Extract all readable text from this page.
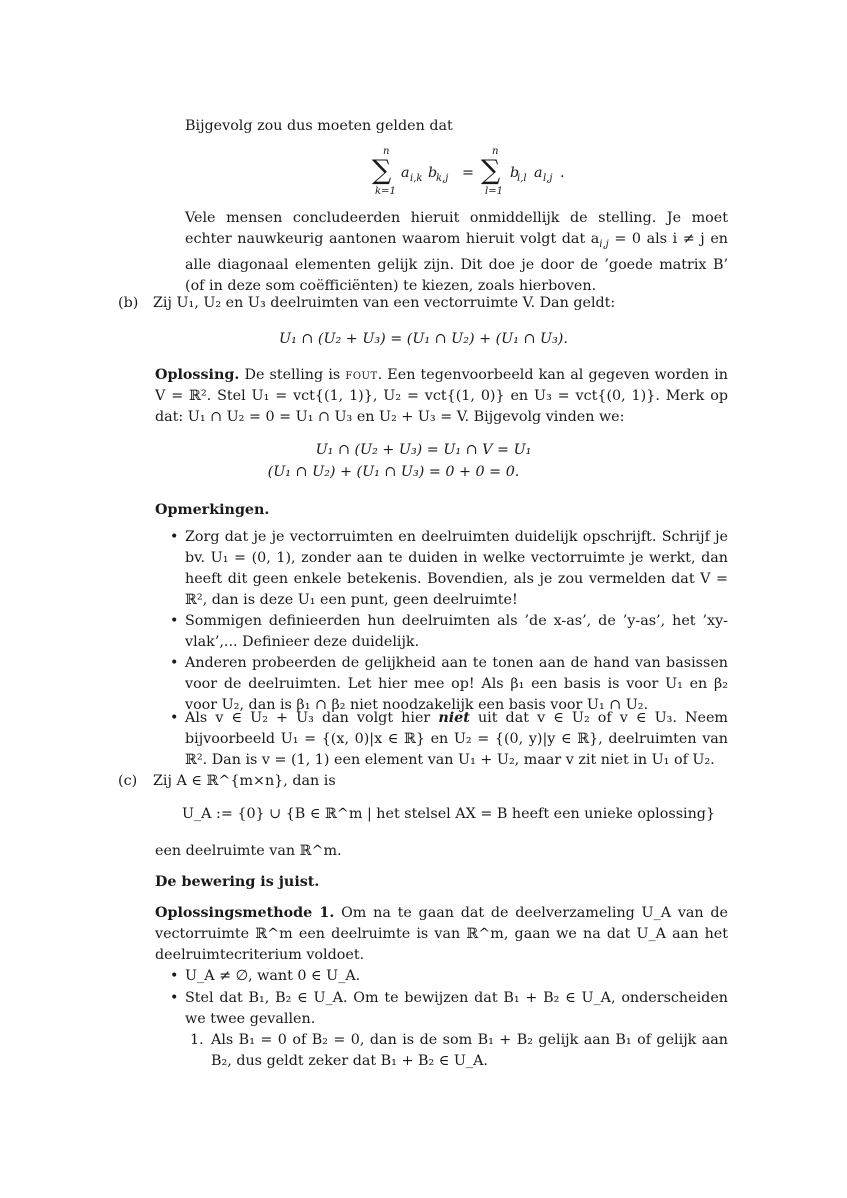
Bijgevolg zou dus moeten gelden dat
n
∑
k=1
a i,k b
k,j =
n
∑
l=1
b
i,l a l,j .
Vele mensen concludeerden hieruit onmiddellijk de stelling. Je moet echter nauwkeurig aantonen waarom hieruit volgt dat $a_{i,j} = 0$ als i ≠ j en alle diagonaal elementen gelijk zijn. Dit doe je door de ’goede matrix B’ (of in deze som coëfficiënten) te kiezen, zoals hierboven.
(b) Zij U₁, U₂ en U₃ deelruimten van een vectorruimte V. Dan geldt:
U₁ ∩ (U₂ + U₃) = (U₁ ∩ U₂) + (U₁ ∩ U₃).
Oplossing. De stelling is fout. Een tegenvoorbeeld kan al gegeven worden in V = ℝ². Stel U₁ = vct{(1, 1)}, U₂ = vct{(1, 0)} en U₃ = vct{(0, 1)}. Merk op dat: U₁ ∩ U₂ = 0 = U₁ ∩ U₃ en U₂ + U₃ = V. Bijgevolg vinden we:
U₁ ∩ (U₂ + U₃) = U₁ ∩ V = U₁
(U₁ ∩ U₂) + (U₁ ∩ U₃) = 0 + 0 = 0.
Opmerkingen.
• Zorg dat je je vectorruimten en deelruimten duidelijk opschrijft. Schrijf je bv. U₁ = (0, 1), zonder aan te duiden in welke vectorruimte je werkt, dan heeft dit geen enkele betekenis. Bovendien, als je zou vermelden dat V = ℝ², dan is deze U₁ een punt, geen deelruimte!
• Sommigen definieerden hun deelruimten als ’de x-as’, de ’y-as’, het ’xy-vlak’,... Definieer deze duidelijk.
• Anderen probeerden de gelijkheid aan te tonen aan de hand van basissen voor de deelruimten. Let hier mee op! Als β₁ een basis is voor U₁ en β₂ voor U₂, dan is β₁ ∩ β₂ niet noodzakelijk een basis voor U₁ ∩ U₂.
• Als v ∈ U₂ + U₃ dan volgt hier niet uit dat v ∈ U₂ of v ∈ U₃. Neem bijvoorbeeld U₁ = {(x, 0)|x ∈ ℝ} en U₂ = {(0, y)|y ∈ ℝ}, deelruimten van ℝ². Dan is v = (1, 1) een element van U₁ + U₂, maar v zit niet in U₁ of U₂.
(c) Zij A ∈ ℝ^{m×n}, dan is
U_A := {0} ∪ {B ∈ ℝ^m | het stelsel AX = B heeft een unieke oplossing}
een deelruimte van ℝ^m.
De bewering is juist.
Oplossingsmethode 1. Om na te gaan dat de deelverzameling U_A van de vectorruimte ℝ^m een deelruimte is van ℝ^m, gaan we na dat U_A aan het deelruimtecriterium voldoet.
• U_A ≠ ∅, want 0 ∈ U_A.
• Stel dat B₁, B₂ ∈ U_A. Om te bewijzen dat B₁ + B₂ ∈ U_A, onderscheiden we twee gevallen.
1. Als B₁ = 0 of B₂ = 0, dan is de som B₁ + B₂ gelijk aan B₁ of gelijk aan B₂, dus geldt zeker dat B₁ + B₂ ∈ U_A.
